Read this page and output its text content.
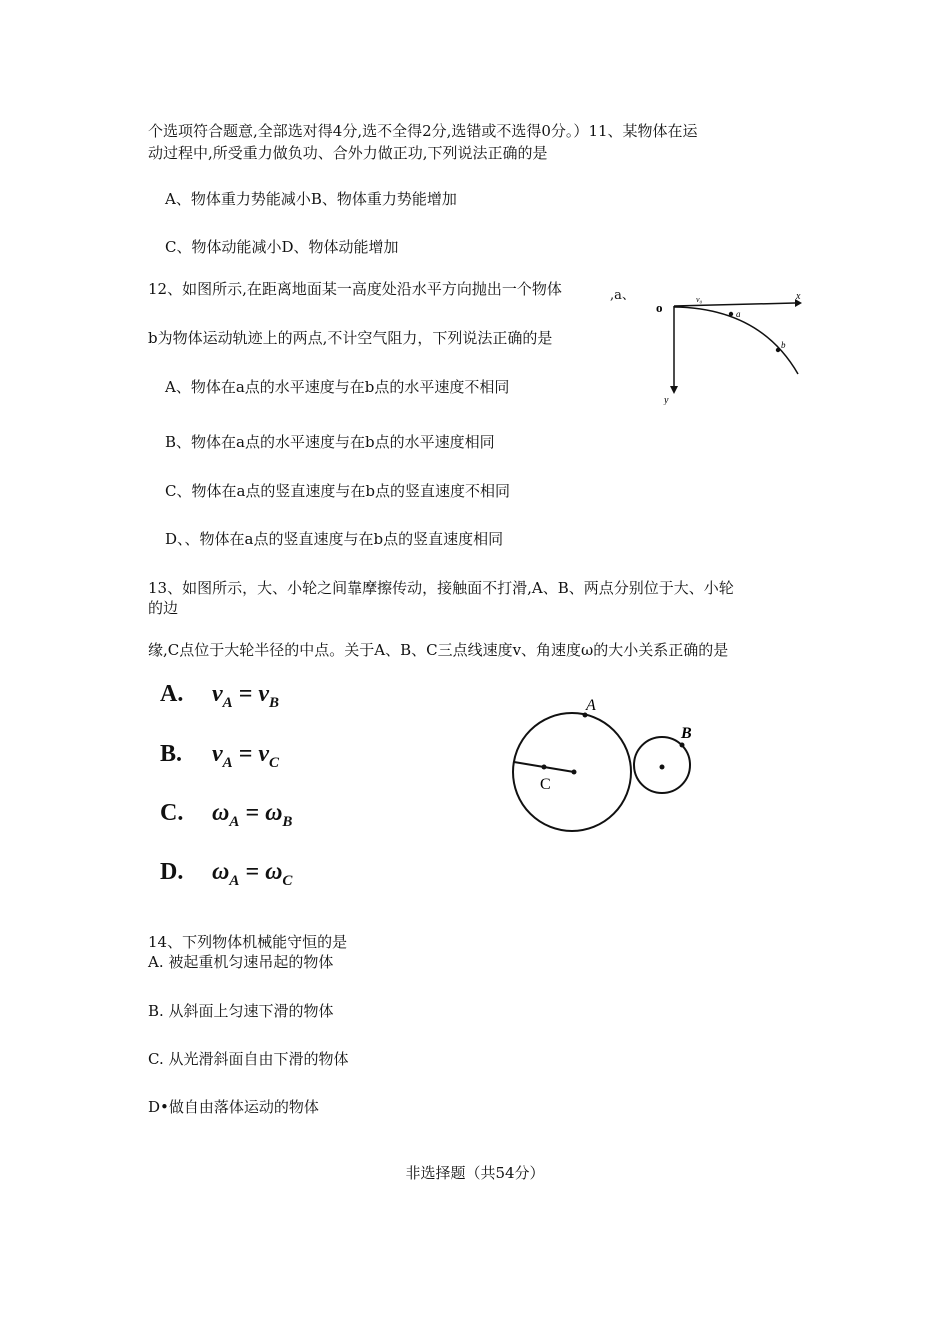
个选项符合题意,全部选对得4分,选不全得2分,选错或不选得0分。）11、某物体在运
动过程中,所受重力做负功、合外力做正功,下列说法正确的是
A、物体重力势能减小B、物体重力势能增加
C、物体动能减小D、物体动能增加
12、如图所示,在距离地面某一高度处沿水平方向抛出一个物体	,a、
b为物体运动轨迹上的两点,不计空气阻力，下列说法正确的是
A、物体在a点的水平速度与在b点的水平速度不相同
B、物体在a点的水平速度与在b点的水平速度相同
C、物体在a点的竖直速度与在b点的竖直速度不相同
D、、物体在a点的竖直速度与在b点的竖直速度相同
o
x
y
v₀
a
b
13、如图所示，大、小轮之间靠摩擦传动，接触面不打滑,A、B、两点分别位于大、小轮
的边
缘,C点位于大轮半径的中点。关于A、B、C三点线速度v、角速度ω的大小关系正确的是
A. $v_A = v_B$
B. $v_A = v_C$
C. $\omega_A = \omega_B$
D. $\omega_A = \omega_C$
A
B
C
14、下列物体机械能守恒的是
A. 被起重机匀速吊起的物体
B. 从斜面上匀速下滑的物体
C. 从光滑斜面自由下滑的物体
D•做自由落体运动的物体
非选择题（共54分）
